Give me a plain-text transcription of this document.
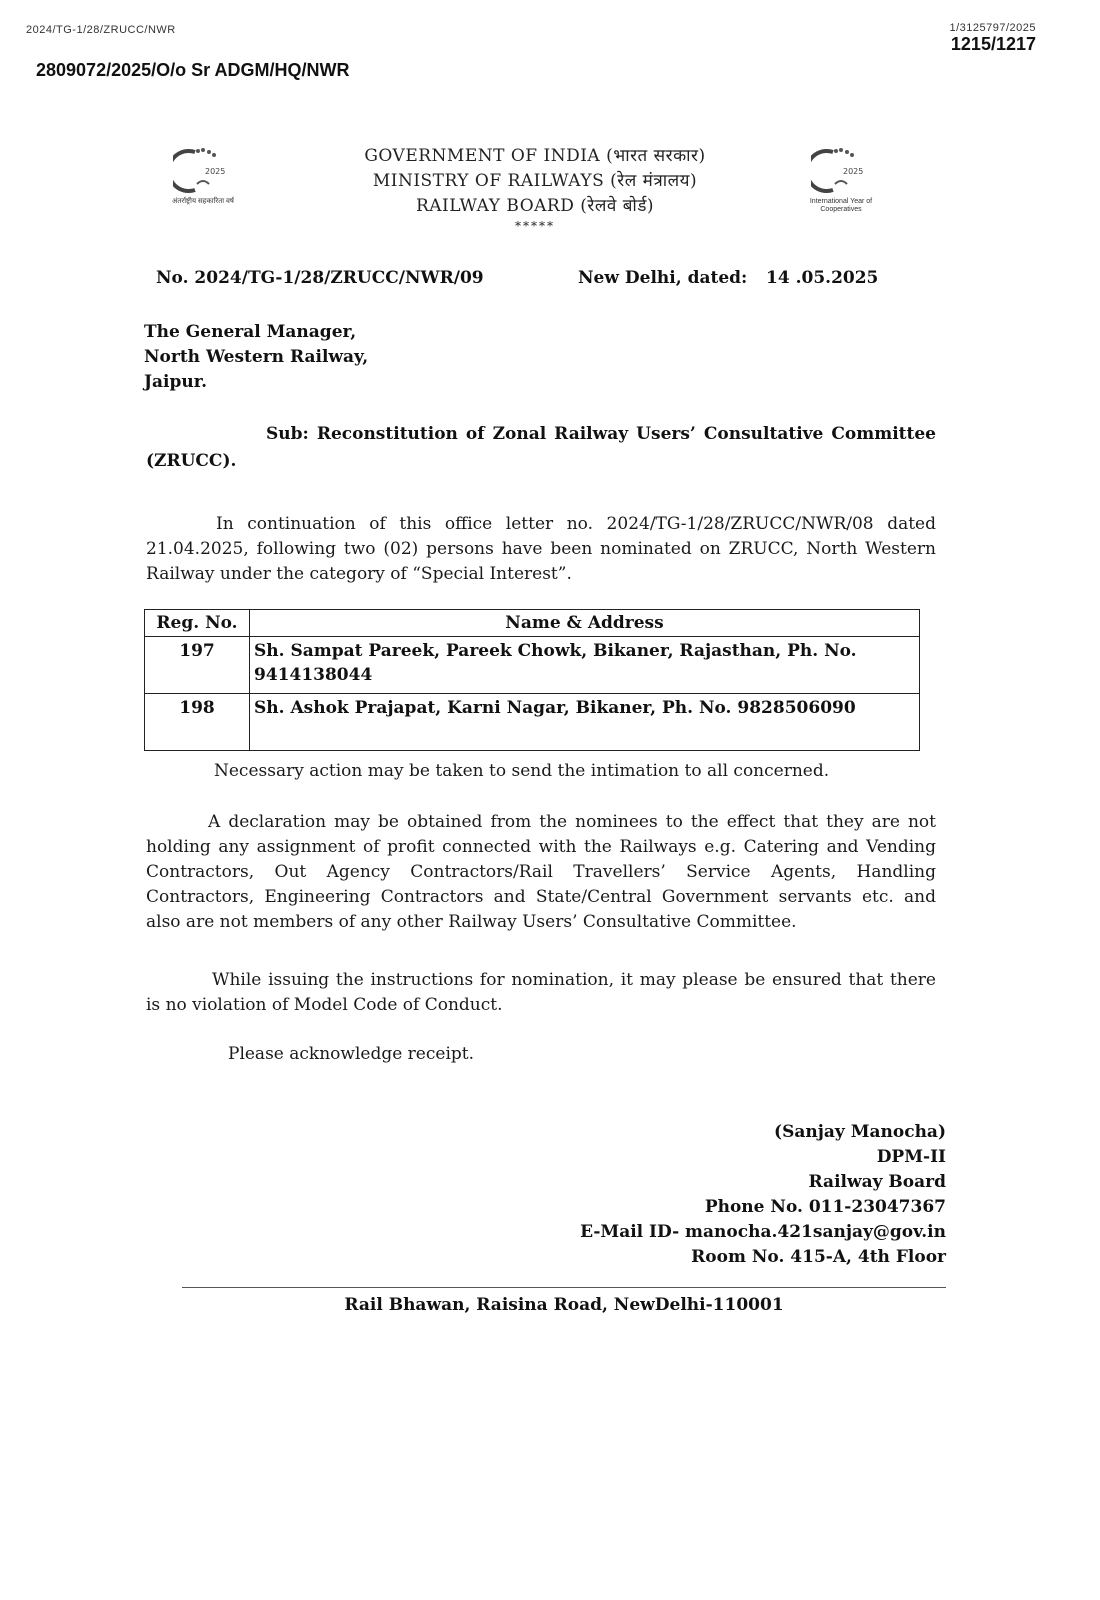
2024/TG-1/28/ZRUCC/NWR	1/3125797/2025
1215/1217
2809072/2025/O/o Sr ADGM/HQ/NWR
2025
अंतर्राष्ट्रीय सहकारिता वर्ष
2025
International Year of Cooperatives
GOVERNMENT OF INDIA (भारत सरकार)
MINISTRY OF RAILWAYS (रेल मंत्रालय)
RAILWAY BOARD (रेलवे बोर्ड)
*****
No. 2024/TG-1/28/ZRUCC/NWR/09	New Delhi, dated: 14 .05.2025
The General Manager,
North Western Railway,
Jaipur.
Sub: Reconstitution of Zonal Railway Users’ Consultative Committee (ZRUCC).
In continuation of this office letter no. 2024/TG-1/28/ZRUCC/NWR/08 dated 21.04.2025, following two (02) persons have been nominated on ZRUCC, North Western Railway under the category of “Special Interest”.
Reg. No.	Name & Address
197	Sh. Sampat Pareek, Pareek Chowk, Bikaner, Rajasthan, Ph. No. 9414138044
198	Sh. Ashok Prajapat, Karni Nagar, Bikaner, Ph. No. 9828506090
Necessary action may be taken to send the intimation to all concerned.
A declaration may be obtained from the nominees to the effect that they are not holding any assignment of profit connected with the Railways e.g. Catering and Vending Contractors, Out Agency Contractors/Rail Travellers’ Service Agents, Handling Contractors, Engineering Contractors and State/Central Government servants etc. and also are not members of any other Railway Users’ Consultative Committee.
While issuing the instructions for nomination, it may please be ensured that there is no violation of Model Code of Conduct.
Please acknowledge receipt.
(Sanjay Manocha)
DPM-II
Railway Board
Phone No. 011-23047367
E-Mail ID- manocha.421sanjay@gov.in
Room No. 415-A, 4th Floor
Rail Bhawan, Raisina Road, NewDelhi-110001
